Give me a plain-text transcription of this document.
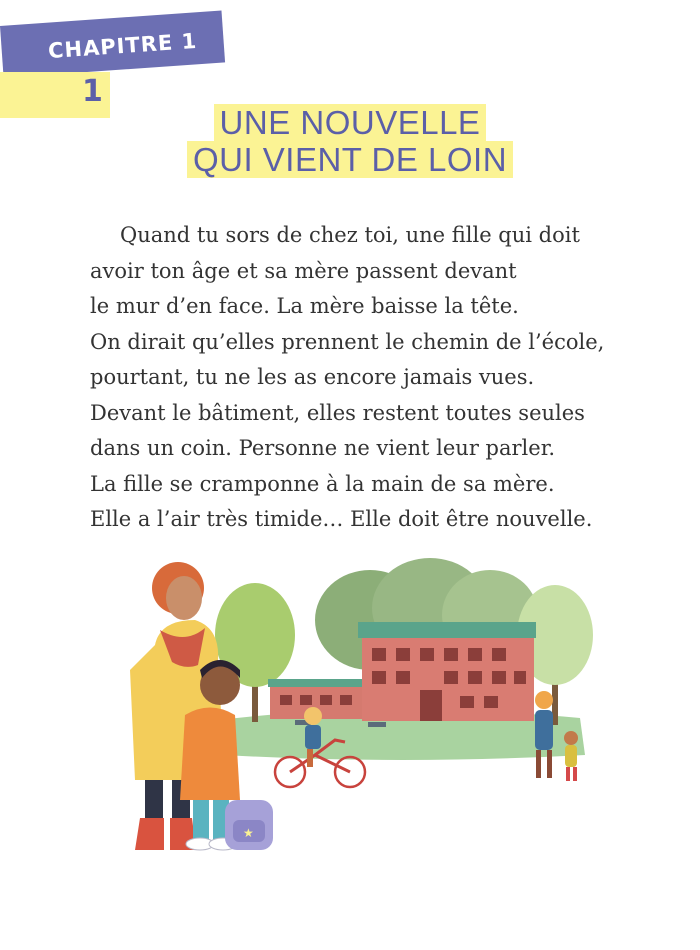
CHAPITRE 1
1
UNE NOUVELLE
QUI VIENT DE LOIN
Quand tu sors de chez toi, une fille qui doit
avoir ton âge et sa mère passent devant
le mur d’en face. La mère baisse la tête.
On dirait qu’elles prennent le chemin de l’école,
pourtant, tu ne les as encore jamais vues.
Devant le bâtiment, elles restent toutes seules
dans un coin. Personne ne vient leur parler.
La fille se cramponne à la main de sa mère.
Elle a l’air très timide… Elle doit être nouvelle.
★
